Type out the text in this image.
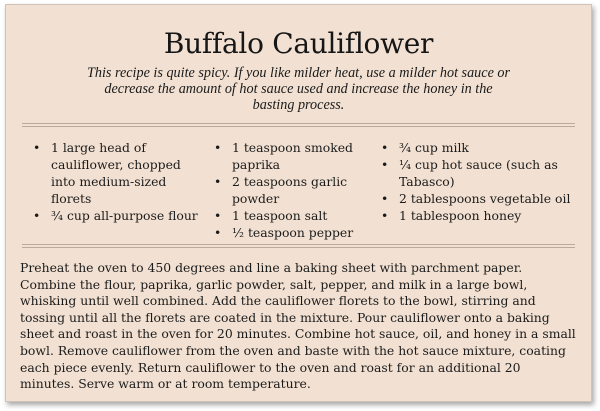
Buffalo Cauliflower
This recipe is quite spicy. If you like milder heat, use a milder hot sauce or decrease the amount of hot sauce used and increase the honey in the basting process.
• 1 large head of cauliflower, chopped into medium-sized florets
• ¾ cup all-purpose flour
• 1 teaspoon smoked paprika
• 2 teaspoons garlic powder
• 1 teaspoon salt
• ½ teaspoon pepper
• ¾ cup milk
• ¼ cup hot sauce (such as Tabasco)
• 2 tablespoons vegetable oil
• 1 tablespoon honey

Preheat the oven to 450 degrees and line a baking sheet with parchment paper. Combine the flour, paprika, garlic powder, salt, pepper, and milk in a large bowl, whisking until well combined. Add the cauliflower florets to the bowl, stirring and tossing until all the florets are coated in the mixture. Pour cauliflower onto a baking sheet and roast in the oven for 20 minutes. Combine hot sauce, oil, and honey in a small bowl. Remove cauliflower from the oven and baste with the hot sauce mixture, coating each piece evenly. Return cauliflower to the oven and roast for an additional 20 minutes. Serve warm or at room temperature.
